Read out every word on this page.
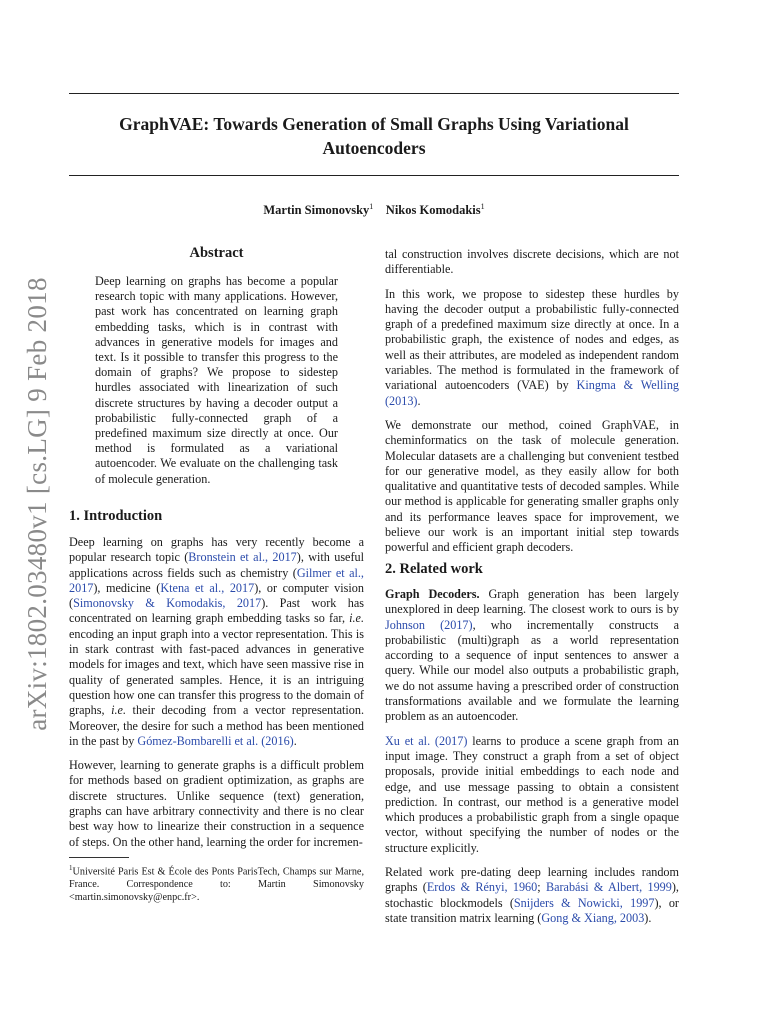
GraphVAE: Towards Generation of Small Graphs Using Variational Autoencoders
Martin Simonovsky$^1$ Nikos Komodakis$^1$
arXiv:1802.03480v1 [cs.LG] 9 Feb 2018
Abstract
Deep learning on graphs has become a popular research topic with many applications. However, past work has concentrated on learning graph embedding tasks, which is in contrast with advances in generative models for images and text. Is it possible to transfer this progress to the domain of graphs? We propose to sidestep hurdles associated with linearization of such discrete structures by having a decoder output a probabilistic fully-connected graph of a predefined maximum size directly at once. Our method is formulated as a variational autoencoder. We evaluate on the challenging task of molecule generation.
1. Introduction

Deep learning on graphs has very recently become a popular research topic (Bronstein et al., 2017), with useful applications across fields such as chemistry (Gilmer et al., 2017), medicine (Ktena et al., 2017), or computer vision (Simonovsky & Komodakis, 2017). Past work has concentrated on learning graph embedding tasks so far, i.e. encoding an input graph into a vector representation. This is in stark contrast with fast-paced advances in generative models for images and text, which have seen massive rise in quality of generated samples. Hence, it is an intriguing question how one can transfer this progress to the domain of graphs, i.e. their decoding from a vector representation. Moreover, the desire for such a method has been mentioned in the past by Gómez-Bombarelli et al. (2016).

However, learning to generate graphs is a difficult problem for methods based on gradient optimization, as graphs are discrete structures. Unlike sequence (text) generation, graphs can have arbitrary connectivity and there is no clear best way how to linearize their construction in a sequence of steps. On the other hand, learning the order for incremen-

$^1$Université Paris Est & École des Ponts ParisTech, Champs sur Marne, France. Correspondence to: Martin Simonovsky <martin.simonovsky@enpc.fr>.

tal construction involves discrete decisions, which are not differentiable.

In this work, we propose to sidestep these hurdles by having the decoder output a probabilistic fully-connected graph of a predefined maximum size directly at once. In a probabilistic graph, the existence of nodes and edges, as well as their attributes, are modeled as independent random variables. The method is formulated in the framework of variational autoencoders (VAE) by Kingma & Welling (2013).

We demonstrate our method, coined GraphVAE, in cheminformatics on the task of molecule generation. Molecular datasets are a challenging but convenient testbed for our generative model, as they easily allow for both qualitative and quantitative tests of decoded samples. While our method is applicable for generating smaller graphs only and its performance leaves space for improvement, we believe our work is an important initial step towards powerful and efficient graph decoders.

2. Related work

Graph Decoders. Graph generation has been largely unexplored in deep learning. The closest work to ours is by Johnson (2017), who incrementally constructs a probabilistic (multi)graph as a world representation according to a sequence of input sentences to answer a query. While our model also outputs a probabilistic graph, we do not assume having a prescribed order of construction transformations available and we formulate the learning problem as an autoencoder.

Xu et al. (2017) learns to produce a scene graph from an input image. They construct a graph from a set of object proposals, provide initial embeddings to each node and edge, and use message passing to obtain a consistent prediction. In contrast, our method is a generative model which produces a probabilistic graph from a single opaque vector, without specifying the number of nodes or the structure explicitly.

Related work pre-dating deep learning includes random graphs (Erdos & Rényi, 1960; Barabási & Albert, 1999), stochastic blockmodels (Snijders & Nowicki, 1997), or state transition matrix learning (Gong & Xiang, 2003).
